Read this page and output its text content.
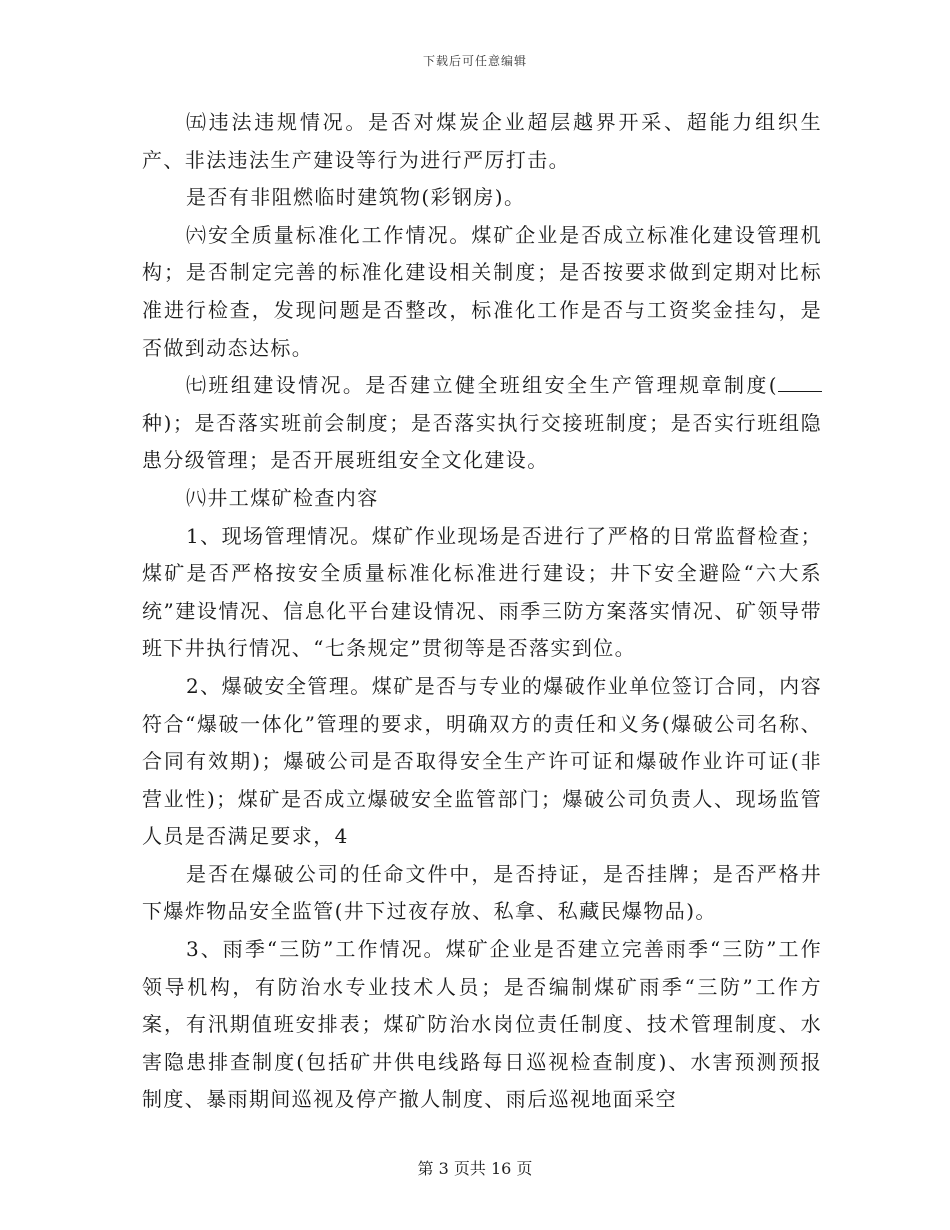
下载后可任意编辑

㈤违法违规情况。是否对煤炭企业超层越界开采、超能力组织生产、非法违法生产建设等行为进行严厉打击。

是否有非阻燃临时建筑物(彩钢房)。

㈥安全质量标准化工作情况。煤矿企业是否成立标准化建设管理机构；是否制定完善的标准化建设相关制度；是否按要求做到定期对比标准进行检查，发现问题是否整改，标准化工作是否与工资奖金挂勾，是否做到动态达标。

㈦班组建设情况。是否建立健全班组安全生产管理规章制度(种)；是否落实班前会制度；是否落实执行交接班制度；是否实行班组隐患分级管理；是否开展班组安全文化建设。

㈧井工煤矿检查内容

1、现场管理情况。煤矿作业现场是否进行了严格的日常监督检查；煤矿是否严格按安全质量标准化标准进行建设；井下安全避险“六大系统”建设情况、信息化平台建设情况、雨季三防方案落实情况、矿领导带班下井执行情况、“七条规定”贯彻等是否落实到位。

2、爆破安全管理。煤矿是否与专业的爆破作业单位签订合同，内容符合“爆破一体化”管理的要求，明确双方的责任和义务(爆破公司名称、合同有效期)；爆破公司是否取得安全生产许可证和爆破作业许可证(非营业性)；煤矿是否成立爆破安全监管部门；爆破公司负责人、现场监管人员是否满足要求，4

是否在爆破公司的任命文件中，是否持证，是否挂牌；是否严格井下爆炸物品安全监管(井下过夜存放、私拿、私藏民爆物品)。

3、雨季“三防”工作情况。煤矿企业是否建立完善雨季“三防”工作领导机构，有防治水专业技术人员；是否编制煤矿雨季“三防”工作方案，有汛期值班安排表；煤矿防治水岗位责任制度、技术管理制度、水害隐患排查制度(包括矿井供电线路每日巡视检查制度)、水害预测预报制度、暴雨期间巡视及停产撤人制度、雨后巡视地面采空

第 3 页共 16 页
